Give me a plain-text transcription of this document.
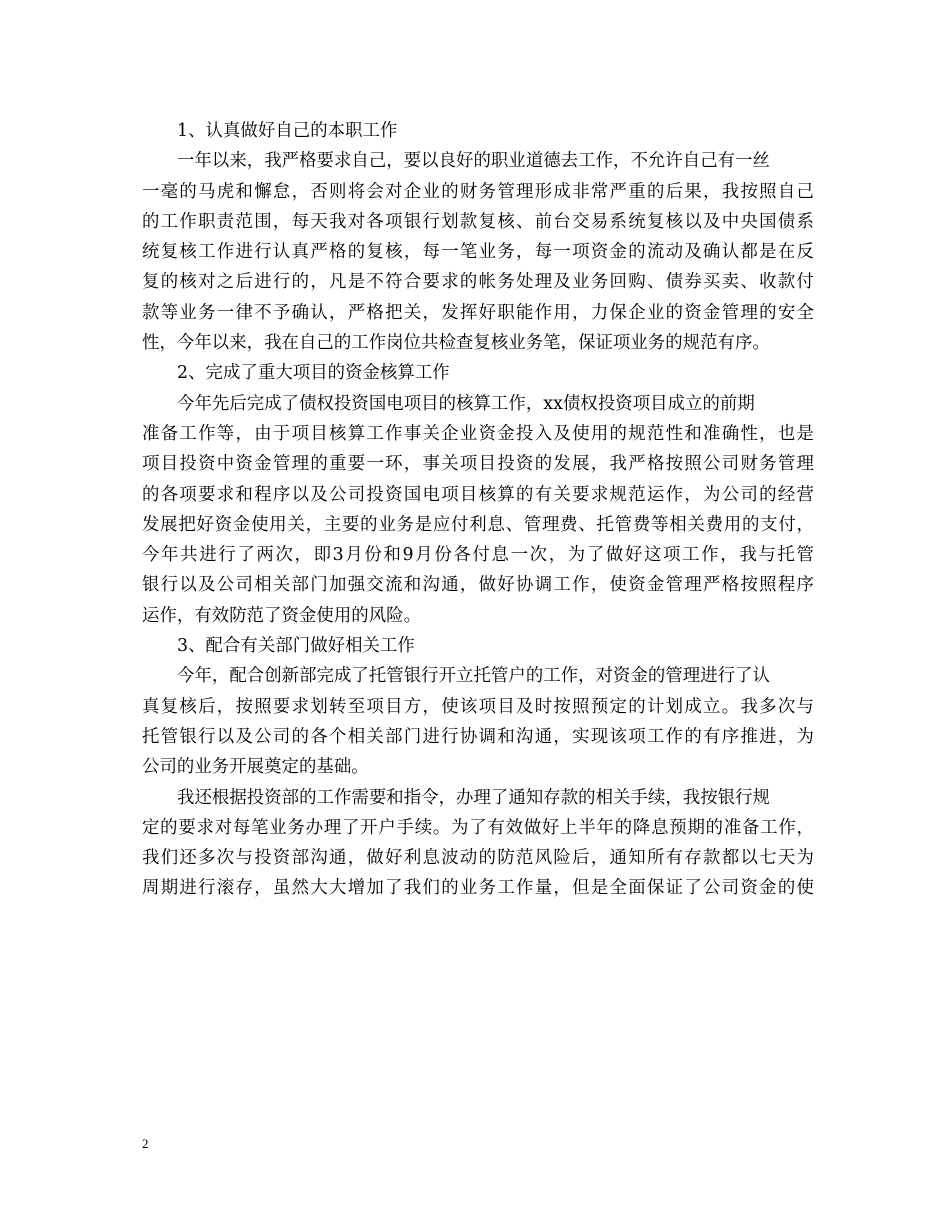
1、认真做好自己的本职工作
一年以来，我严格要求自己，要以良好的职业道德去工作，不允许自己有一丝
一毫的马虎和懈怠，否则将会对企业的财务管理形成非常严重的后果，我按照自己
的工作职责范围，每天我对各项银行划款复核、前台交易系统复核以及中央国债系
统复核工作进行认真严格的复核，每一笔业务，每一项资金的流动及确认都是在反
复的核对之后进行的，凡是不符合要求的帐务处理及业务回购、债券买卖、收款付
款等业务一律不予确认，严格把关，发挥好职能作用，力保企业的资金管理的安全
性，今年以来，我在自己的工作岗位共检查复核业务笔，保证项业务的规范有序。
2、完成了重大项目的资金核算工作
今年先后完成了债权投资国电项目的核算工作，xx债权投资项目成立的前期
准备工作等，由于项目核算工作事关企业资金投入及使用的规范性和准确性，也是
项目投资中资金管理的重要一环，事关项目投资的发展，我严格按照公司财务管理
的各项要求和程序以及公司投资国电项目核算的有关要求规范运作，为公司的经营
发展把好资金使用关，主要的业务是应付利息、管理费、托管费等相关费用的支付，
今年共进行了两次，即3月份和9月份各付息一次，为了做好这项工作，我与托管
银行以及公司相关部门加强交流和沟通，做好协调工作，使资金管理严格按照程序
运作，有效防范了资金使用的风险。
3、配合有关部门做好相关工作
今年，配合创新部完成了托管银行开立托管户的工作，对资金的管理进行了认
真复核后，按照要求划转至项目方，使该项目及时按照预定的计划成立。我多次与
托管银行以及公司的各个相关部门进行协调和沟通，实现该项工作的有序推进，为
公司的业务开展奠定的基础。
我还根据投资部的工作需要和指令，办理了通知存款的相关手续，我按银行规
定的要求对每笔业务办理了开户手续。为了有效做好上半年的降息预期的准备工作，
我们还多次与投资部沟通，做好利息波动的防范风险后，通知所有存款都以七天为
周期进行滚存，虽然大大增加了我们的业务工作量，但是全面保证了公司资金的使
2
